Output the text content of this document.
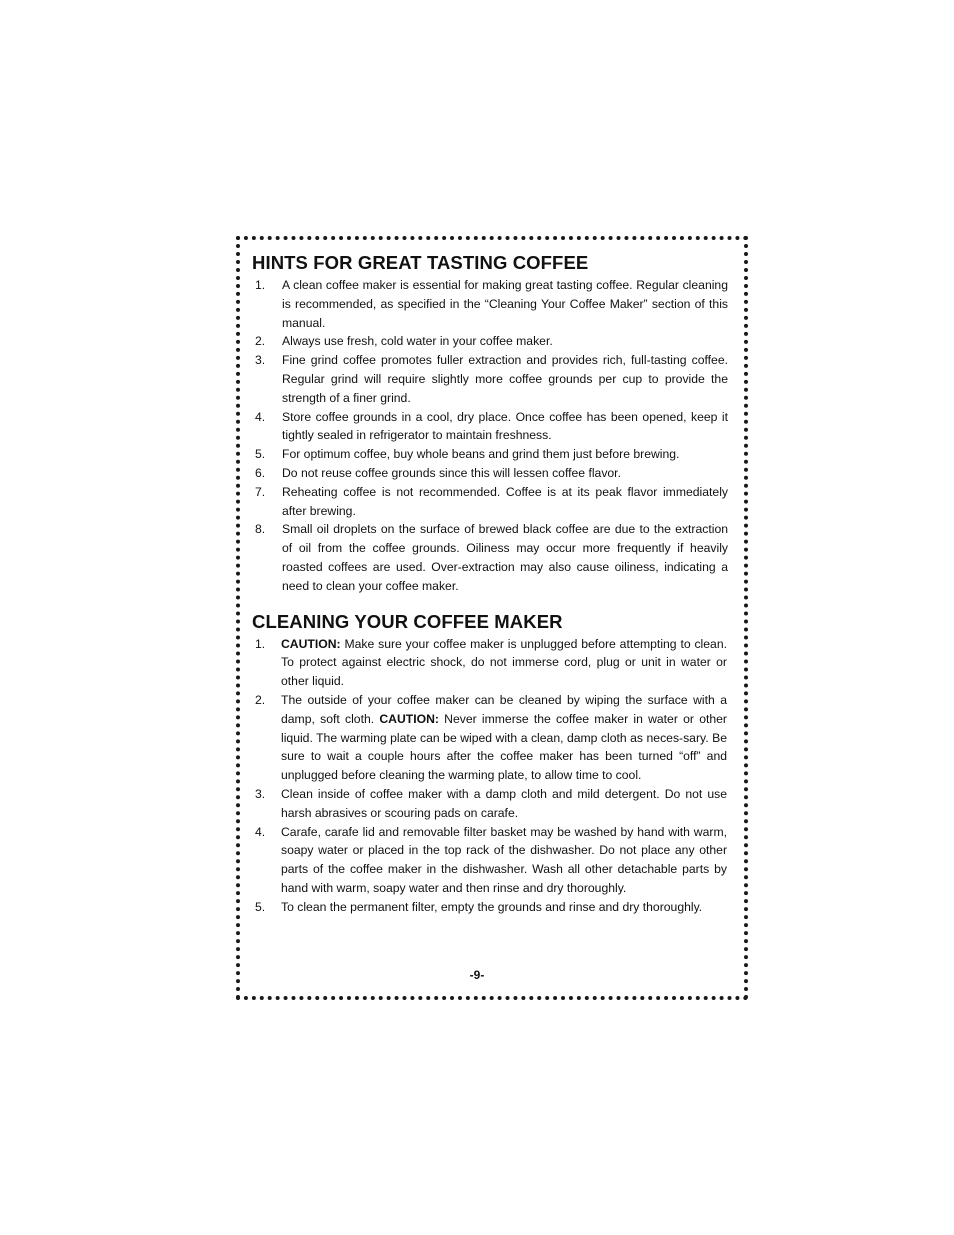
HINTS FOR GREAT TASTING COFFEE
1.	A clean coffee maker is essential for making great tasting coffee. Regular cleaning is recommended, as specified in the “Cleaning Your Coffee Maker” section of this manual.
2.	Always use fresh, cold water in your coffee maker.
3.	Fine grind coffee promotes fuller extraction and provides rich, full-tasting coffee. Regular grind will require slightly more coffee grounds per cup to provide the strength of a finer grind.
4.	Store coffee grounds in a cool, dry place. Once coffee has been opened, keep it tightly sealed in refrigerator to maintain freshness.
5.	For optimum coffee, buy whole beans and grind them just before brewing.
6.	Do not reuse coffee grounds since this will lessen coffee flavor.
7.	Reheating coffee is not recommended. Coffee is at its peak flavor immediately after brewing.
8.	Small oil droplets on the surface of brewed black coffee are due to the extraction of oil from the coffee grounds. Oiliness may occur more frequently if heavily roasted coffees are used. Over-extraction may also cause oiliness, indicating a need to clean your coffee maker.
CLEANING YOUR COFFEE MAKER
1.	CAUTION: Make sure your coffee maker is unplugged before attempting to clean. To protect against electric shock, do not immerse cord, plug or unit in water or other liquid.
2.	The outside of your coffee maker can be cleaned by wiping the surface with a damp, soft cloth. CAUTION: Never immerse the coffee maker in water or other liquid. The warming plate can be wiped with a clean, damp cloth as neces-sary. Be sure to wait a couple hours after the coffee maker has been turned “off” and unplugged before cleaning the warming plate, to allow time to cool.
3.	Clean inside of coffee maker with a damp cloth and mild detergent. Do not use harsh abrasives or scouring pads on carafe.
4.	Carafe, carafe lid and removable filter basket may be washed by hand with warm, soapy water or placed in the top rack of the dishwasher. Do not place any other parts of the coffee maker in the dishwasher. Wash all other detachable parts by hand with warm, soapy water and then rinse and dry thoroughly.
5.	To clean the permanent filter, empty the grounds and rinse and dry thoroughly.
-9-
